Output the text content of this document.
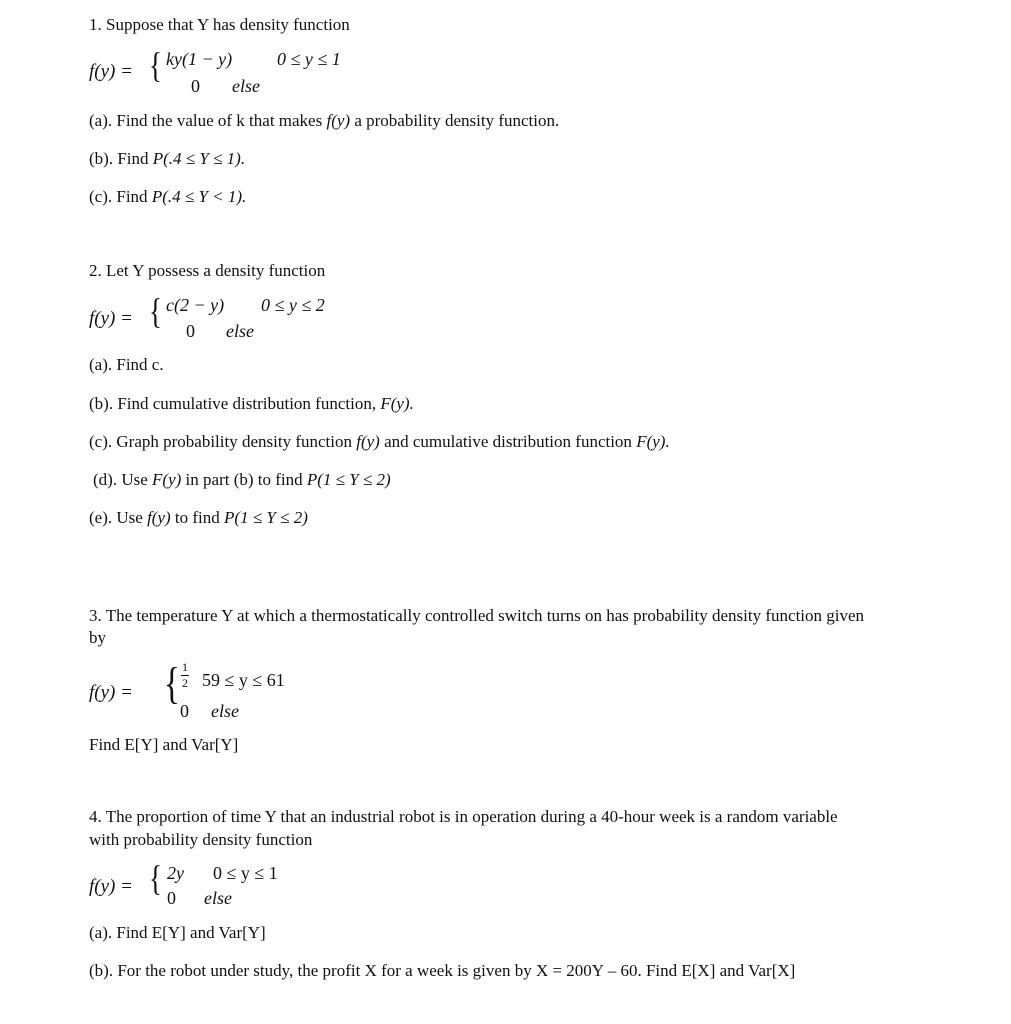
1. Suppose that Y has density function
f(y) = { ky(1 − y) 0 ≤ y ≤ 1
0 else
(a). Find the value of k that makes f(y) a probability density function.
(b). Find P(.4 ≤ Y ≤ 1).
(c). Find P(.4 ≤ Y < 1).
2. Let Y possess a density function
f(y) = { c(2 − y) 0 ≤ y ≤ 2
0 else
(a). Find c.
(b). Find cumulative distribution function, F(y).
(c). Graph probability density function f(y) and cumulative distribution function F(y).
(d). Use F(y) in part (b) to find P(1 ≤ Y ≤ 2)
(e). Use f(y) to find P(1 ≤ Y ≤ 2)
3. The temperature Y at which a thermostatically controlled switch turns on has probability density function given
by
f(y) = { 1
2 59 ≤ y ≤ 61
0 else
Find E[Y] and Var[Y]
4. The proportion of time Y that an industrial robot is in operation during a 40-hour week is a random variable
with probability density function
f(y) = { 2y 0 ≤ y ≤ 1
0 else
(a). Find E[Y] and Var[Y]
(b). For the robot under study, the profit X for a week is given by X = 200Y – 60. Find E[X] and Var[X]
